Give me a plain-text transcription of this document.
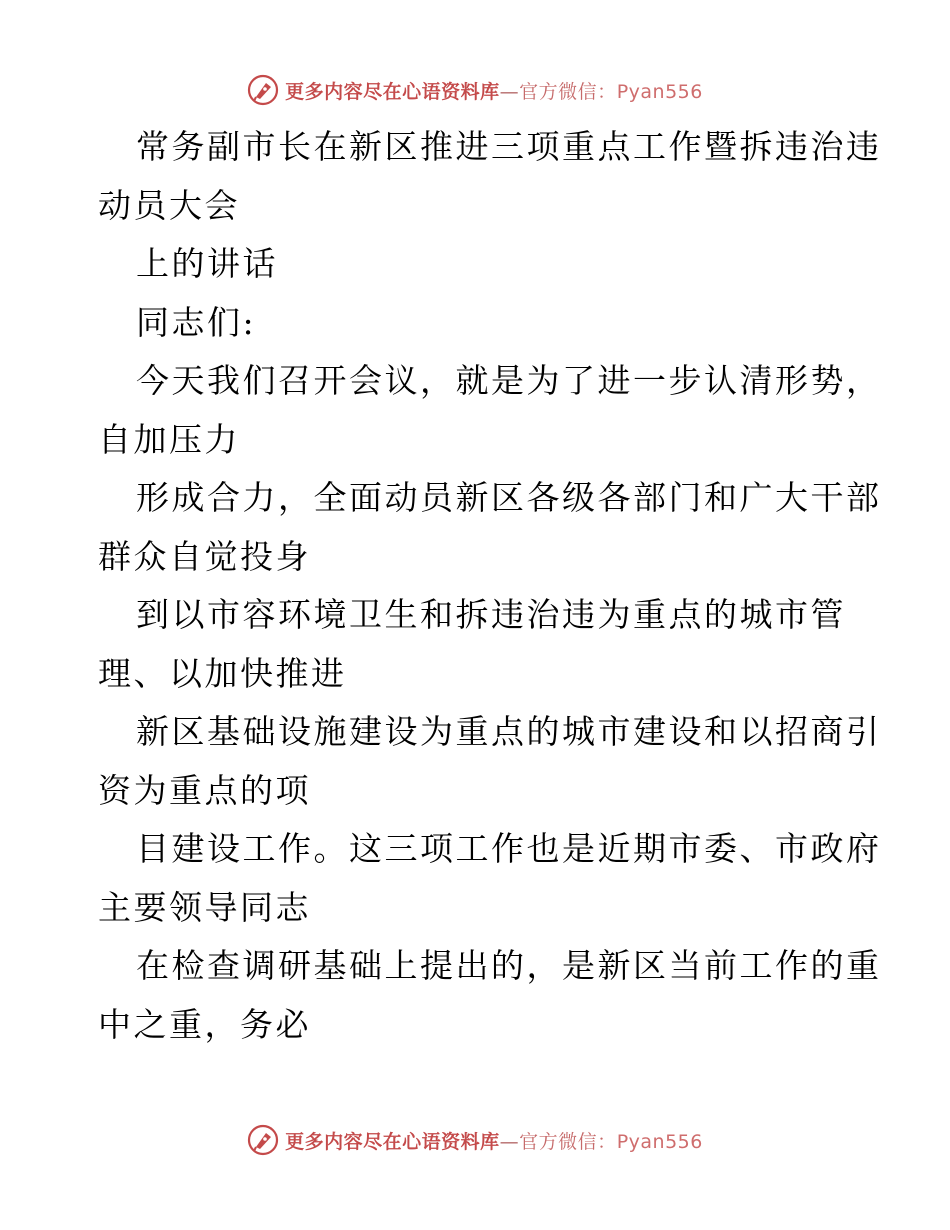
更多内容尽在心语资料库—官方微信：Pyan556
常务副市长在新区推进三项重点工作暨拆违治违
动员大会
上的讲话
同志们:
今天我们召开会议，就是为了进一步认清形势，
自加压力
形成合力，全面动员新区各级各部门和广大干部
群众自觉投身
到以市容环境卫生和拆违治违为重点的城市管
理、以加快推进
新区基础设施建设为重点的城市建设和以招商引
资为重点的项
目建设工作。这三项工作也是近期市委、市政府
主要领导同志
在检查调研基础上提出的，是新区当前工作的重
中之重，务必
更多内容尽在心语资料库—官方微信：Pyan556
